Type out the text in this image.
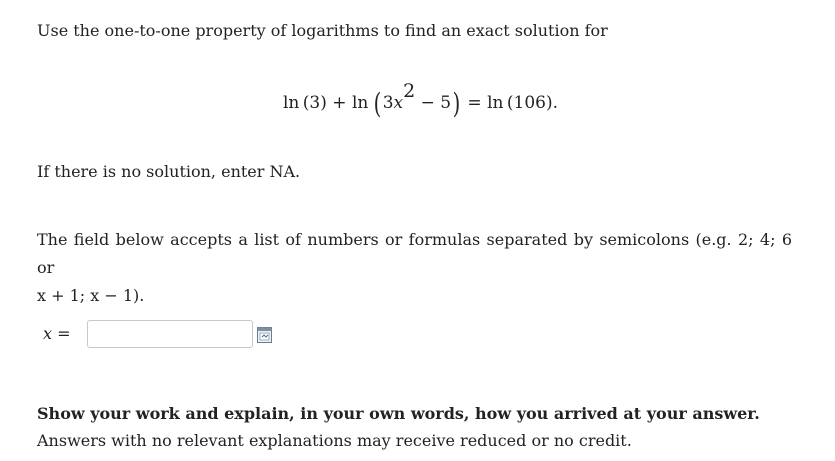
Use the one-to-one property of logarithms to find an exact solution for
ln  (3) + ln  (3x2 − 5) = ln  (106).
If there is no solution, enter NA.
The field below accepts a list of numbers or formulas separated by semicolons (e.g. 2; 4; 6 or
x + 1; x − 1).
x =
Show your work and explain, in your own words, how you arrived at your answer. Answers with no relevant explanations may receive reduced or no credit.
